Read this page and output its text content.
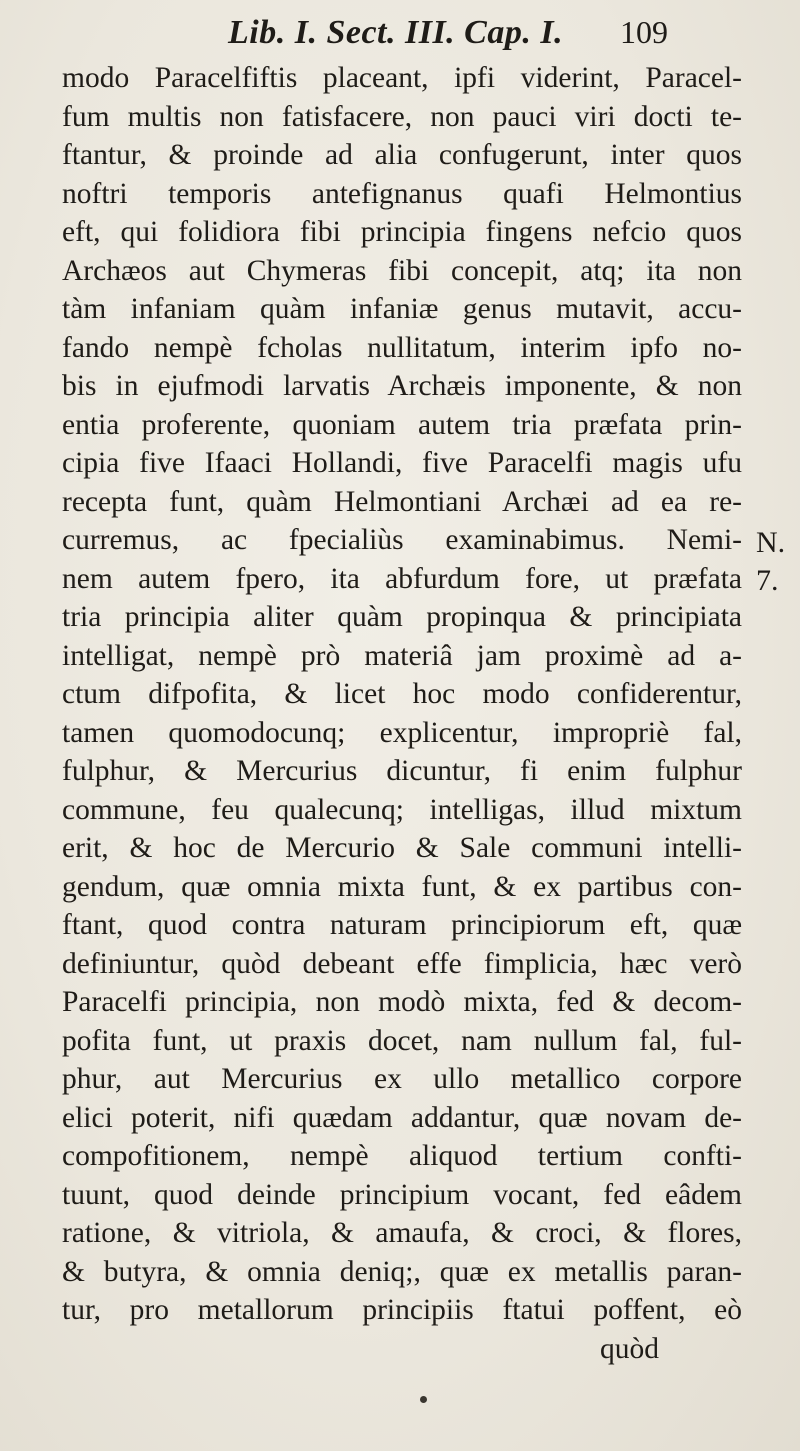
Lib. I. Sect. III. Cap. I. 109
modo Paracelfiftis placeant, ipfi viderint, Paracel-
fum multis non fatisfacere, non pauci viri docti te-
ftantur, & proinde ad alia confugerunt, inter quos
noftri temporis antefignanus quafi Helmontius
eft, qui folidiora fibi principia fingens nefcio quos
Archæos aut Chymeras fibi concepit, atq; ita non
tàm infaniam quàm infaniæ genus mutavit, accu-
fando nempè fcholas nullitatum, interim ipfo no-
bis in ejufmodi larvatis Archæis imponente, & non
entia proferente, quoniam autem tria præfata prin-
cipia five Ifaaci Hollandi, five Paracelfi magis ufu
recepta funt, quàm Helmontiani Archæi ad ea re-
curremus, ac fpecialiùs examinabimus. Nemi-
nem autem fpero, ita abfurdum fore, ut præfata
tria principia aliter quàm propinqua & principiata
intelligat, nempè prò materiâ jam proximè ad a-
ctum difpofita, & licet hoc modo confiderentur,
tamen quomodocunq; explicentur, impropriè fal,
fulphur, & Mercurius dicuntur, fi enim fulphur
commune, feu qualecunq; intelligas, illud mixtum
erit, & hoc de Mercurio & Sale communi intelli-
gendum, quæ omnia mixta funt, & ex partibus con-
ftant, quod contra naturam principiorum eft, quæ
definiuntur, quòd debeant effe fimplicia, hæc verò
Paracelfi principia, non modò mixta, fed & decom-
pofita funt, ut praxis docet, nam nullum fal, ful-
phur, aut Mercurius ex ullo metallico corpore
elici poterit, nifi quædam addantur, quæ novam de-
compofitionem, nempè aliquod tertium confti-
tuunt, quod deinde principium vocant, fed eâdem
ratione, & vitriola, & amaufa, & croci, & flores,
& butyra, & omnia deniq;, quæ ex metallis paran-
tur, pro metallorum principiis ftatui poffent, eò
quòd
N.
7.
